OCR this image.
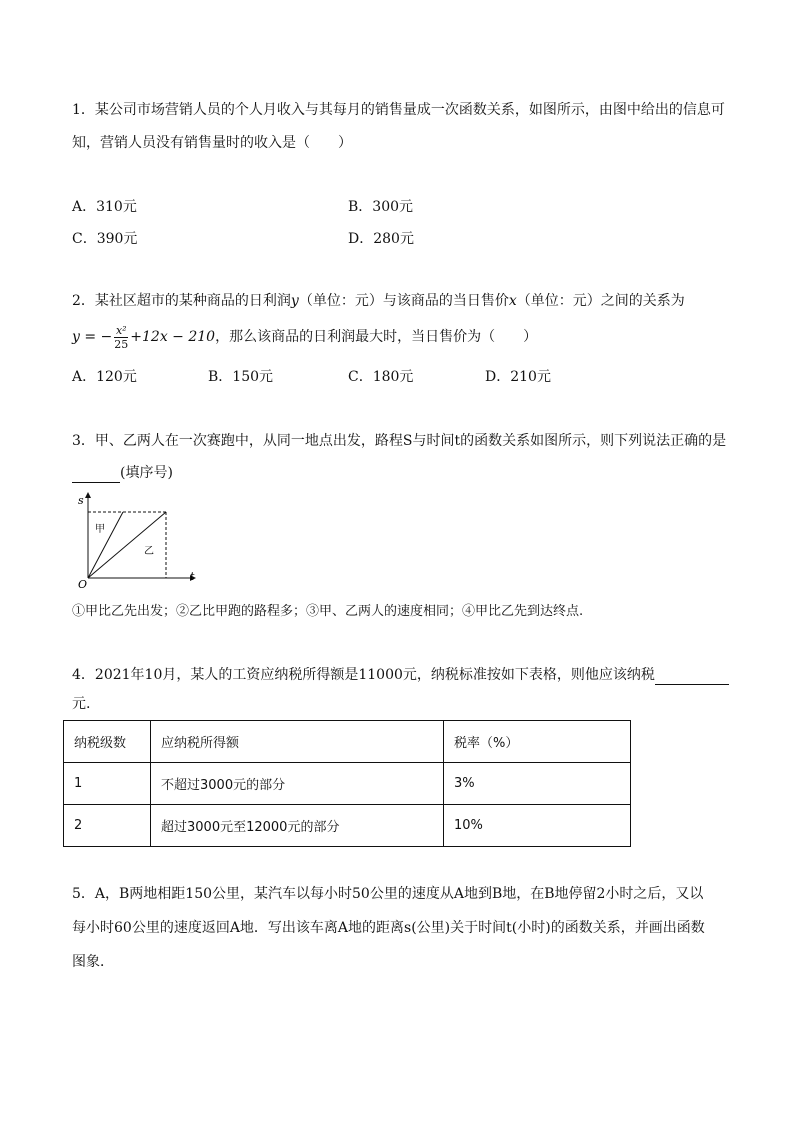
1．某公司市场营销人员的个人月收入与其每月的销售量成一次函数关系，如图所示，由图中给出的信息可
知，营销人员没有销售量时的收入是（　　）
A．310元	B．300元
C．390元	D．280元
2．某社区超市的某种商品的日利润y（单位：元）与该商品的当日售价x（单位：元）之间的关系为
y = − $\frac{\text{x²}}{25} +12x - 210$，那么该商品的日利润最大时，当日售价为（　　）
A．120元	B．150元	C．180元	D．210元
3．甲、乙两人在一次赛跑中，从同一地点出发，路程S与时间t的函数关系如图所示，则下列说法正确的是
(填序号)
s
t
O
甲
乙
①甲比乙先出发；②乙比甲跑的路程多；③甲、乙两人的速度相同；④甲比乙先到达终点.
4．2021年10月，某人的工资应纳税所得额是11000元，纳税标准按如下表格，则他应该纳税
元.
纳税级数	应纳税所得额	税率（%）
1	不超过3000元的部分	3%
2	超过3000元至12000元的部分	10%
5．A，B两地相距150公里，某汽车以每小时50公里的速度从A地到B地，在B地停留2小时之后，又以
每小时60公里的速度返回A地．写出该车离A地的距离s(公里)关于时间t(小时)的函数关系，并画出函数
图象．
